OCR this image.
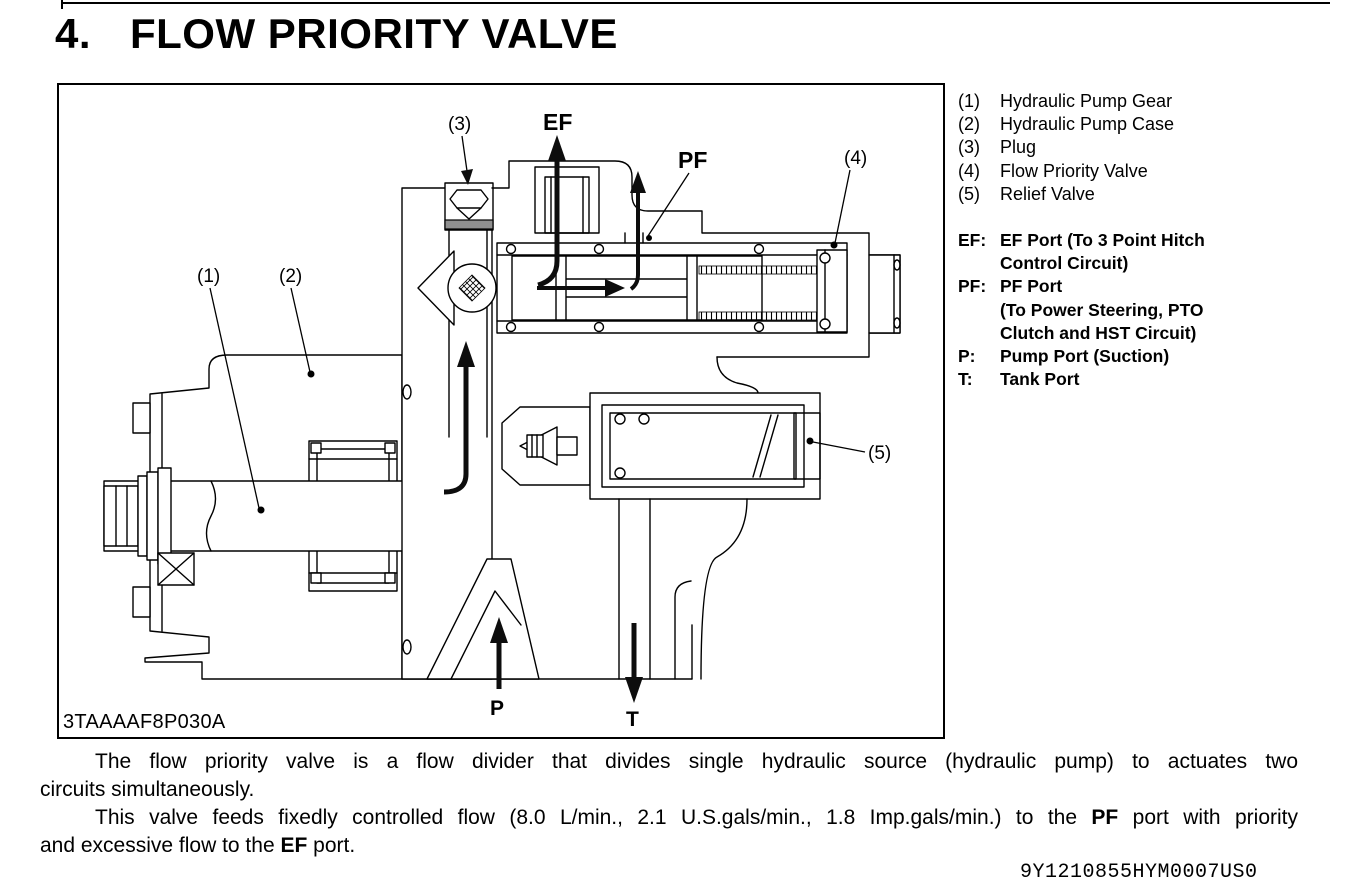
4. FLOW PRIORITY VALVE
(1)	(2)
(3)
(4)
(5)
EF
PF
P	T
3TAAAAF8P030A
(1)	Hydraulic Pump Gear
(2)	Hydraulic Pump Case
(3)	Plug
(4)	Flow Priority Valve
(5)	Relief Valve
EF: EF Port (To 3 Point Hitch
Control Circuit)
PF: PF Port
(To Power Steering, PTO
Clutch and HST Circuit)
P:	Pump Port (Suction)
T:	Tank Port
The flow priority valve is a flow divider that divides single hydraulic source (hydraulic pump) to actuates two
circuits simultaneously.
This valve feeds fixedly controlled flow (8.0 L/min., 2.1 U.S.gals/min., 1.8 Imp.gals/min.) to the PF port with priority
and excessive flow to the EF port.
9Y1210855HYM0007US0
